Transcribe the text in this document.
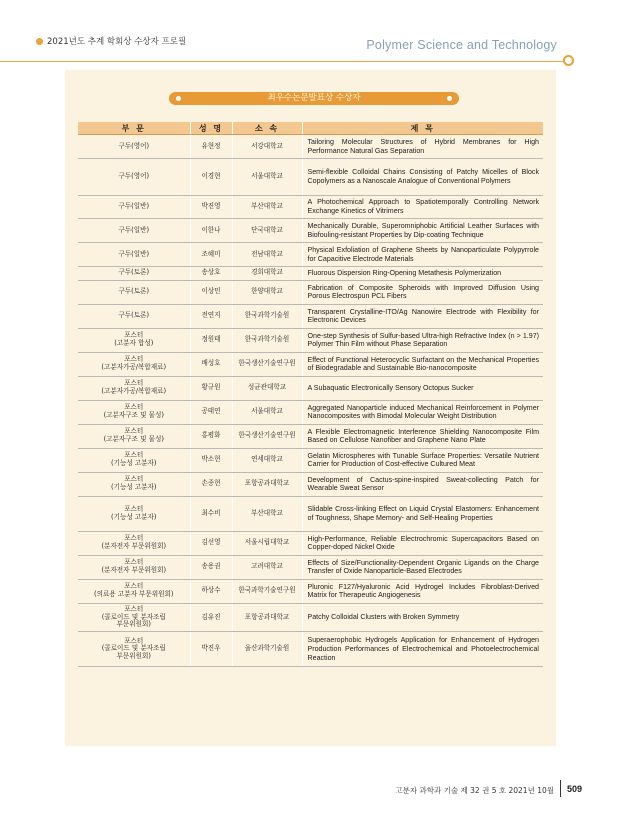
2021년도 추계 학회상 수상자 프로필	Polymer Science and Technology
최우수논문발표상 수상자
부 문	성 명	소 속	제 목
구두(영어)	유현정	서강대학교	Tailoring Molecular Structures of Hybrid Membranes for High Performance Natural Gas Separation
구두(영어)	이경현	서울대학교	Semi-flexible Colloidal Chains Consisting of Patchy Micelles of Block Copolymers as a Nanoscale Analogue of Conventional Polymers
구두(일반)	박진영	부산대학교	A Photochemical Approach to Spatiotemporally Controlling Network Exchange Kinetics of Vitrimers
구두(일반)	이한나	단국대학교	Mechanically Durable, Superomniphobic Artificial Leather Surfaces with Biofouling-resistant Properties by Dip-coating Technique
구두(일반)	조혜미	전남대학교	Physical Exfoliation of Graphene Sheets by Nanoparticulate Polypyrrole for Capacitive Electrode Materials
구두(토론)	송상호	경희대학교	Fluorous Dispersion Ring-Opening Metathesis Polymerization
구두(토론)	이상민	한양대학교	Fabrication of Composite Spheroids with Improved Diffusion Using Porous Electrospun PCL Fibers
구두(토론)	전연지	한국과학기술원	Transparent Crystalline-ITO/Ag Nanowire Electrode with Flexibility for Electronic Devices
포스터
(고분자 합성)	정원태	한국과학기술원	One-step Synthesis of Sulfur-based Ultra-high Refractive Index (n > 1.97) Polymer Thin Film without Phase Separation
포스터
(고분자가공/복합재료)	배성호	한국생산기술연구원	Effect of Functional Heterocyclic Surfactant on the Mechanical Properties of Biodegradable and Sustainable Bio-nanocomposite
포스터
(고분자가공/복합재료)	황규원	성균관대학교	A Subaquatic Electronically Sensory Octopus Sucker
포스터
(고분자구조 및 물성)	공태연	서울대학교	Aggregated Nanoparticle induced Mechanical Reinforcement in Polymer Nanocomposites with Bimodal Molecular Weight Distribution
포스터
(고분자구조 및 물성)	홍평화	한국생산기술연구원	A Flexible Electromagnetic Interference Shielding Nanocomposite Film Based on Cellulose Nanofiber and Graphene Nano Plate
포스터
(기능성 고분자)	박소현	연세대학교	Gelatin Microspheres with Tunable Surface Properties: Versatile Nutrient Carrier for Production of Cost-effective Cultured Meat
포스터
(기능성 고분자)	손종현	포항공과대학교	Development of Cactus-spine-inspired Sweat-collecting Patch for Wearable Sweat Sensor
포스터
(기능성 고분자)	최수비	부산대학교	Slidable Cross-linking Effect on Liquid Crystal Elastomers: Enhancement of Toughness, Shape Memory- and Self-Healing Properties
포스터
(분자전자 부문위원회)	김선영	서울시립대학교	High-Performance, Reliable Electrochromic Supercapacitors Based on Copper-doped Nickel Oxide
포스터
(분자전자 부문위원회)	송용권	고려대학교	Effects of Size/Functionality-Dependent Organic Ligands on the Charge Transfer of Oxide Nanoparticle-Based Electrodes
포스터
(의료용 고분자 부문위원회)	하상수	한국과학기술연구원	Pluronic F127/Hyaluronic Acid Hydrogel Includes Fibroblast-Derived Matrix for Therapeutic Angiogenesis
포스터
(콜로이드 및 분자조립
부문위원회)	김유진	포항공과대학교	Patchy Colloidal Clusters with Broken Symmetry
포스터
(콜로이드 및 분자조립
부문위원회)	박진우	울산과학기술원	Superaerophobic Hydrogels Application for Enhancement of Hydrogen Production Performances of Electrochemical and Photoelectrochemical Reaction
고분자 과학과 기술 제 32 권 5 호 2021년 10월 509
